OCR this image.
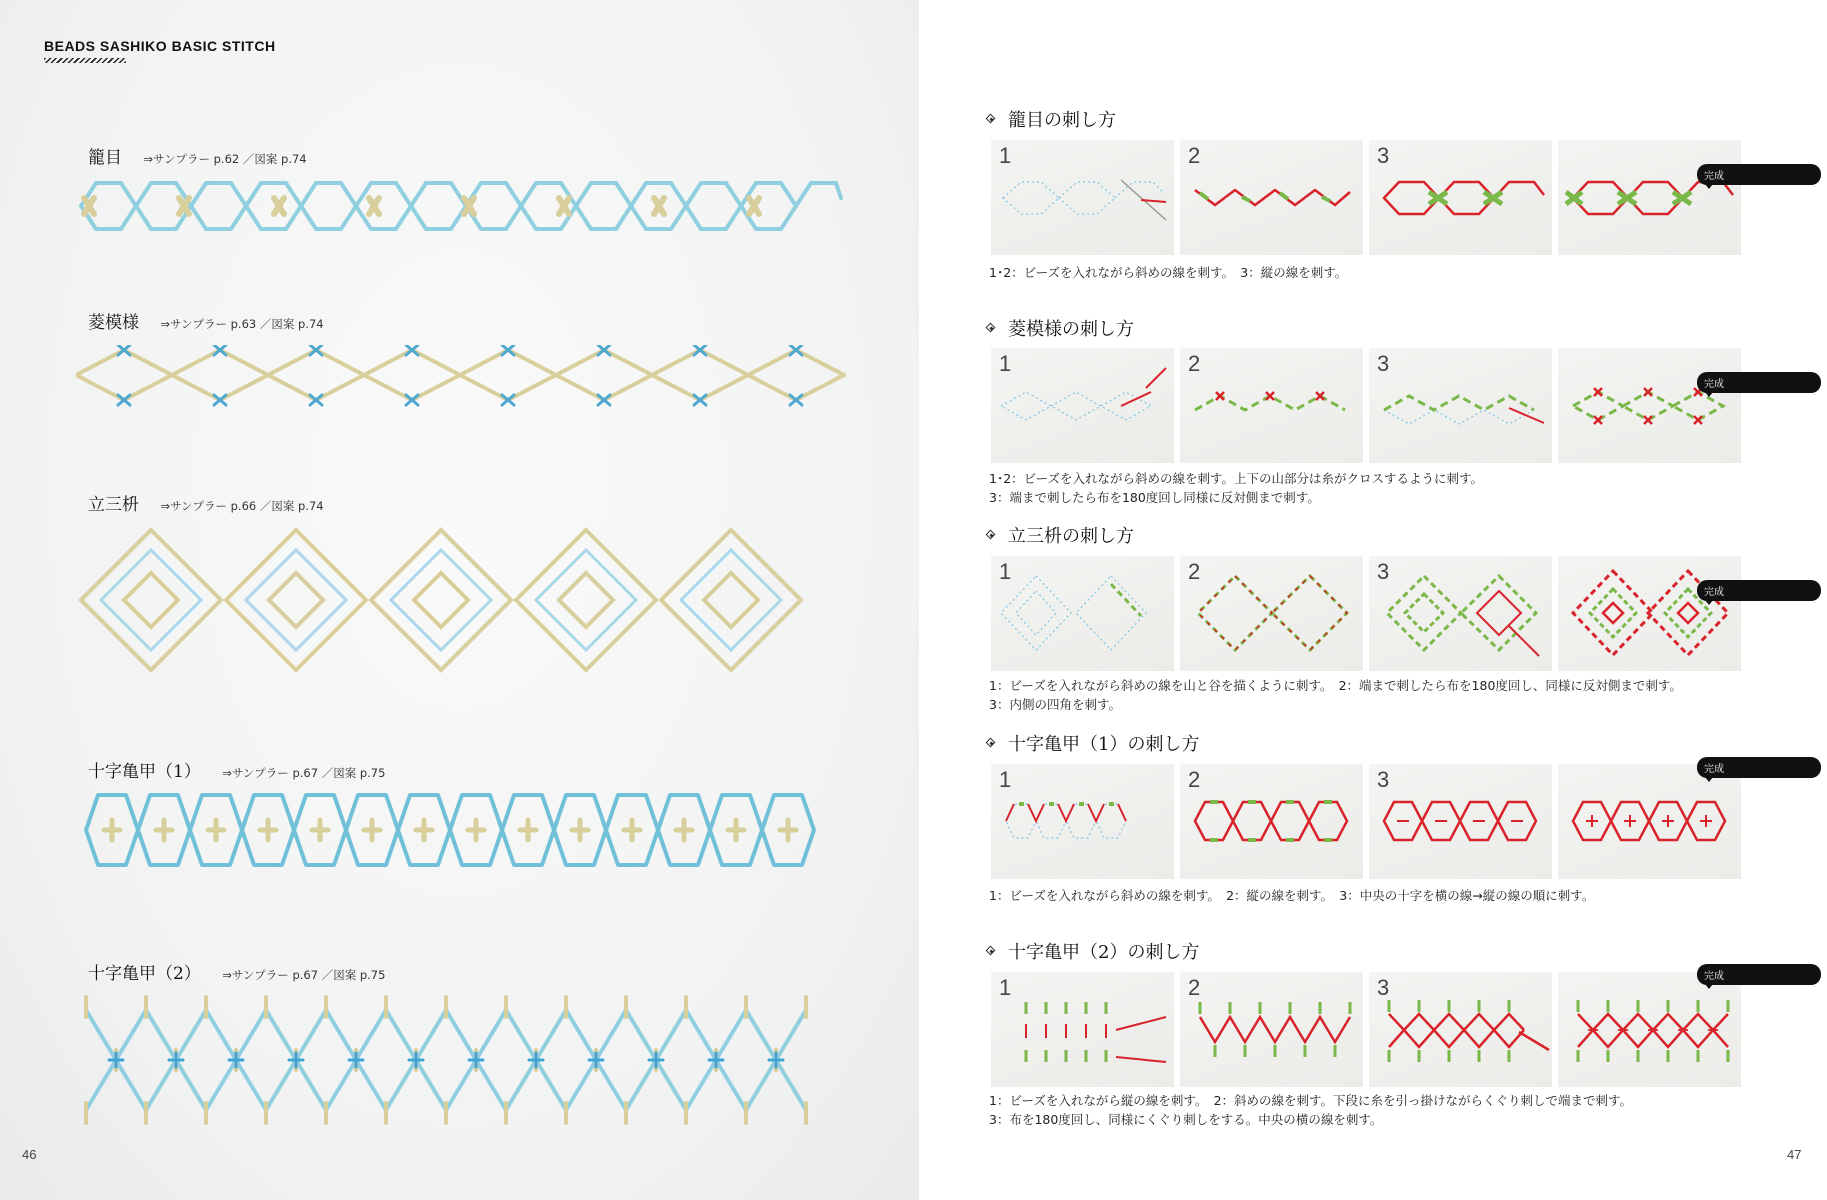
BEADS SASHIKO BASIC STITCH
籠目 ⇒サンプラー p.62 ／図案 p.74
菱模様 ⇒サンプラー p.63 ／図案 p.74
立三枡 ⇒サンプラー p.66 ／図案 p.74
十字亀甲（1） ⇒サンプラー p.67 ／図案 p.75
十字亀甲（2） ⇒サンプラー p.67 ／図案 p.75
46
籠目の刺し方
1	2	3
完成
1･2：ビーズを入れながら斜めの線を刺す。　3：縦の線を刺す。
菱模様の刺し方
1	2	3
完成
1･2：ビーズを入れながら斜めの線を刺す。上下の山部分は糸がクロスするように刺す。
3：端まで刺したら布を180度回し同様に反対側まで刺す。
立三枡の刺し方
1	2	3
完成
1：ビーズを入れながら斜めの線を山と谷を描くように刺す。　2：端まで刺したら布を180度回し、同様に反対側まで刺す。
3：内側の四角を刺す。
十字亀甲（1）の刺し方
1	2	3	完成
1：ビーズを入れながら斜めの線を刺す。　2：縦の線を刺す。　3：中央の十字を横の線→縦の線の順に刺す。
十字亀甲（2）の刺し方
1	2	3	完成
1：ビーズを入れながら縦の線を刺す。　2：斜めの線を刺す。下段に糸を引っ掛けながらくぐり刺しで端まで刺す。
3：布を180度回し、同様にくぐり刺しをする。中央の横の線を刺す。
47
